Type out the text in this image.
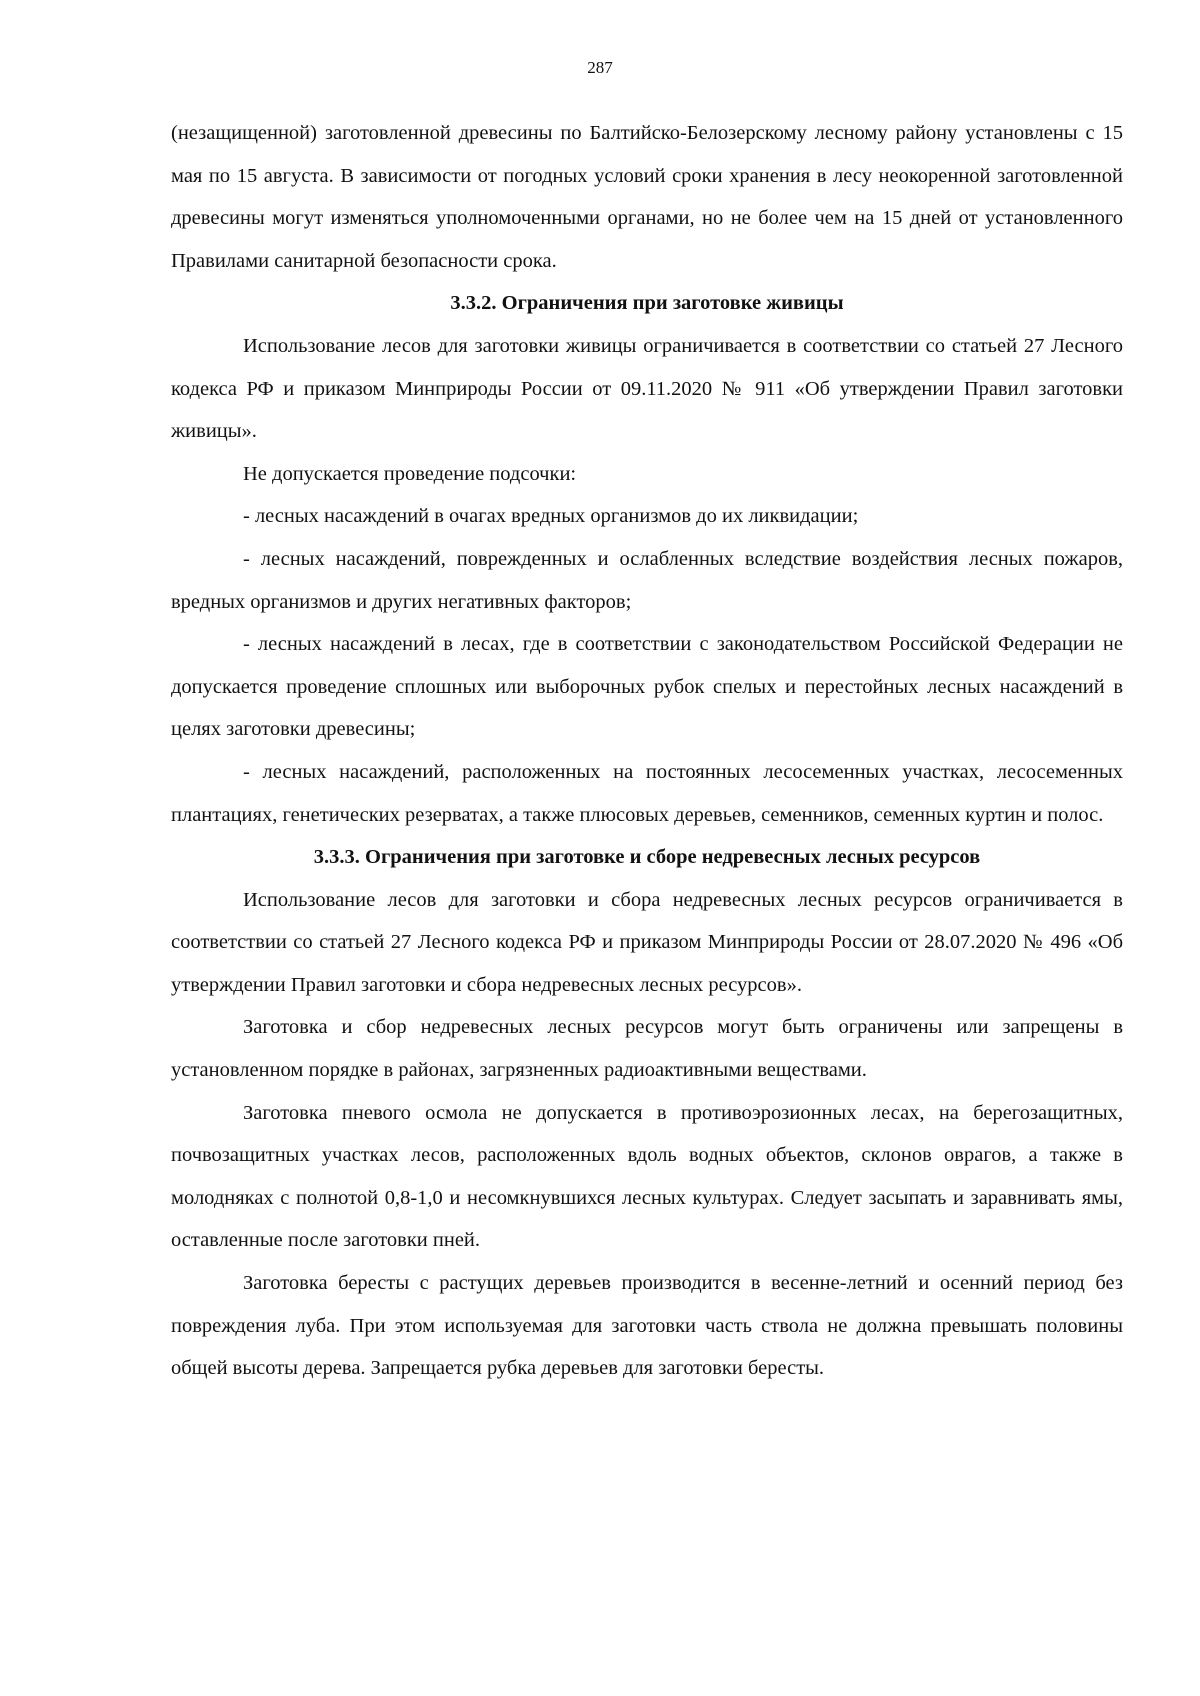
287

(незащищенной) заготовленной древесины по Балтийско-Белозерскому лесному району установлены с 15 мая по 15 августа. В зависимости от погодных условий сроки хранения в лесу неокоренной заготовленной древесины могут изменяться уполномоченными органами, но не более чем на 15 дней от установленного Правилами санитарной безопасности срока.

3.3.2. Ограничения при заготовке живицы

Использование лесов для заготовки живицы ограничивается в соответствии со статьей 27 Лесного кодекса РФ и приказом Минприроды России от 09.11.2020 № 911 «Об утверждении Правил заготовки живицы».

Не допускается проведение подсочки:

- лесных насаждений в очагах вредных организмов до их ликвидации;

- лесных насаждений, поврежденных и ослабленных вследствие воздействия лесных пожаров, вредных организмов и других негативных факторов;

- лесных насаждений в лесах, где в соответствии с законодательством Российской Федерации не допускается проведение сплошных или выборочных рубок спелых и перестойных лесных насаждений в целях заготовки древесины;

- лесных насаждений, расположенных на постоянных лесосеменных участках, лесосеменных плантациях, генетических резерватах, а также плюсовых деревьев, семенников, семенных куртин и полос.

3.3.3. Ограничения при заготовке и сборе недревесных лесных ресурсов

Использование лесов для заготовки и сбора недревесных лесных ресурсов ограничивается в соответствии со статьей 27 Лесного кодекса РФ и приказом Минприроды России от 28.07.2020 № 496 «Об утверждении Правил заготовки и сбора недревесных лесных ресурсов».

Заготовка и сбор недревесных лесных ресурсов могут быть ограничены или запрещены в установленном порядке в районах, загрязненных радиоактивными веществами.

Заготовка пневого осмола не допускается в противоэрозионных лесах, на берегозащитных, почвозащитных участках лесов, расположенных вдоль водных объектов, склонов оврагов, а также в молодняках с полнотой 0,8-1,0 и несомкнувшихся лесных культурах. Следует засыпать и заравнивать ямы, оставленные после заготовки пней.

Заготовка бересты с растущих деревьев производится в весенне-летний и осенний период без повреждения луба. При этом используемая для заготовки часть ствола не должна превышать половины общей высоты дерева. Запрещается рубка деревьев для заготовки бересты.
